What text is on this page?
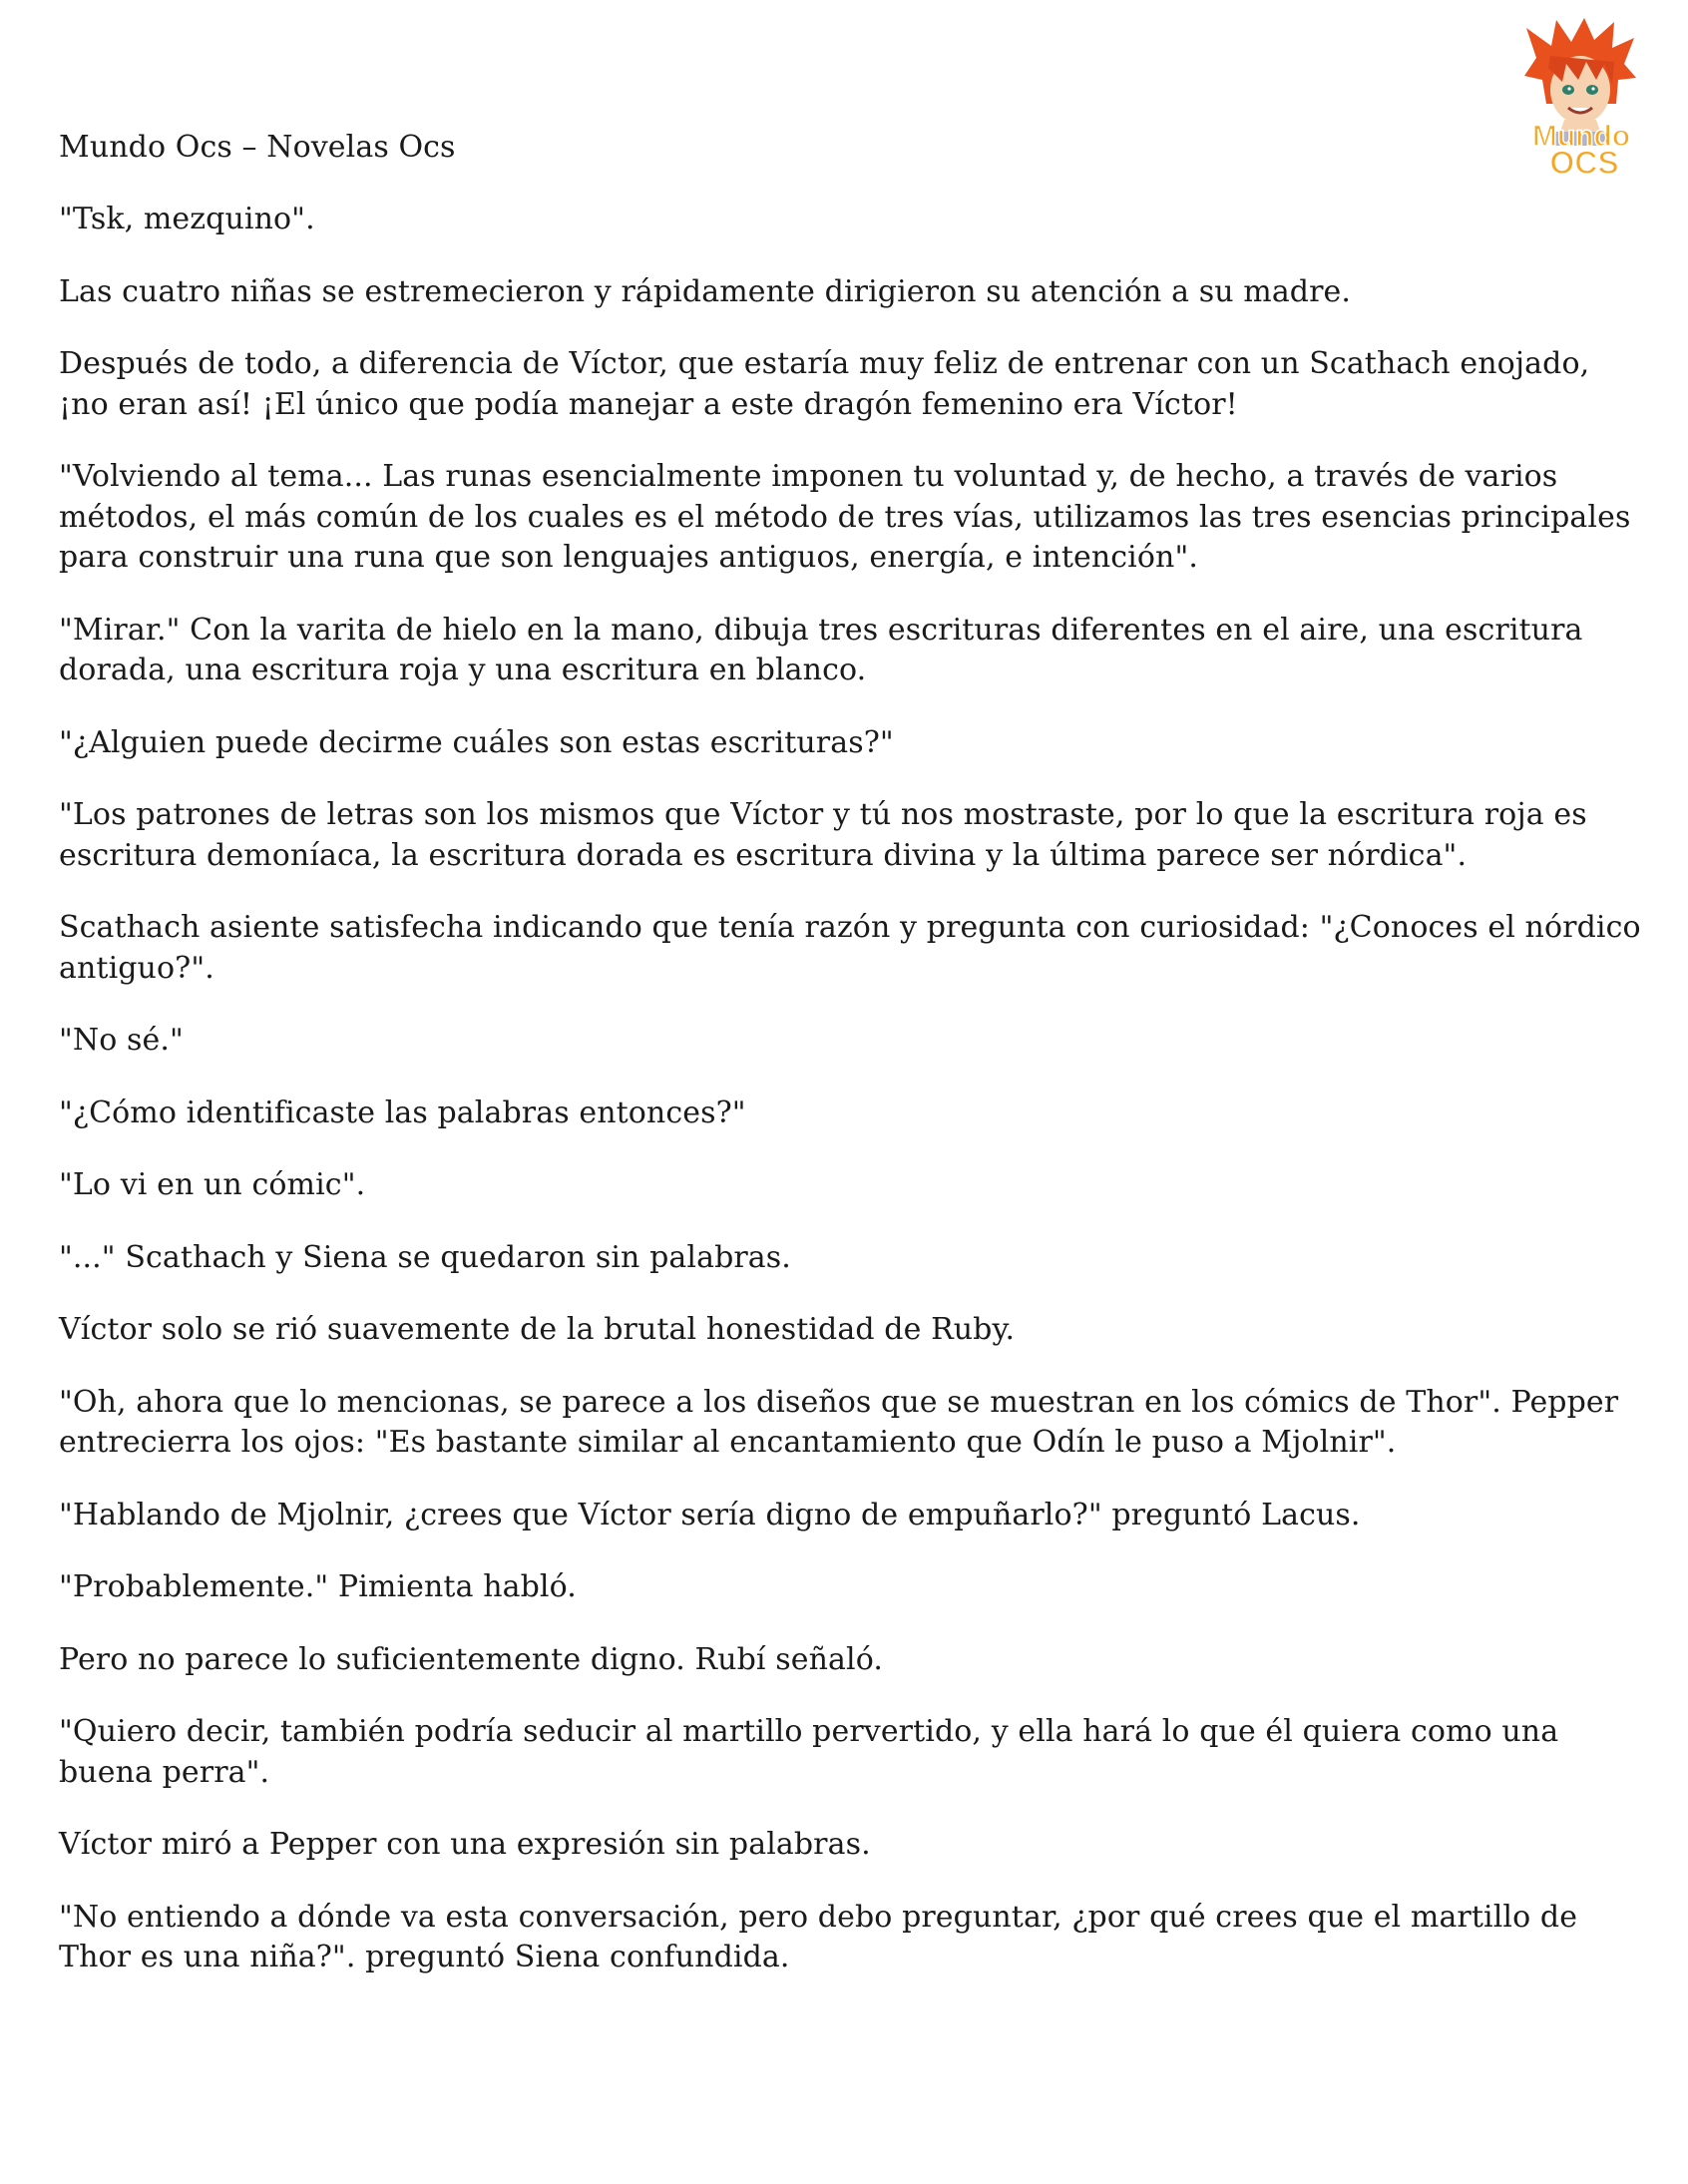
Mundo
OCS
Mundo Ocs – Novelas Ocs

"Tsk, mezquino".

Las cuatro niñas se estremecieron y rápidamente dirigieron su atención a su madre.

Después de todo, a diferencia de Víctor, que estaría muy feliz de entrenar con un Scathach enojado, ¡no eran así! ¡El único que podía manejar a este dragón femenino era Víctor!

"Volviendo al tema... Las runas esencialmente imponen tu voluntad y, de hecho, a través de varios métodos, el más común de los cuales es el método de tres vías, utilizamos las tres esencias principales para construir una runa que son lenguajes antiguos, energía, e intención".

"Mirar." Con la varita de hielo en la mano, dibuja tres escrituras diferentes en el aire, una escritura dorada, una escritura roja y una escritura en blanco.

"¿Alguien puede decirme cuáles son estas escrituras?"

"Los patrones de letras son los mismos que Víctor y tú nos mostraste, por lo que la escritura roja es escritura demoníaca, la escritura dorada es escritura divina y la última parece ser nórdica".

Scathach asiente satisfecha indicando que tenía razón y pregunta con curiosidad: "¿Conoces el nórdico antiguo?".

"No sé."

"¿Cómo identificaste las palabras entonces?"

"Lo vi en un cómic".

"..." Scathach y Siena se quedaron sin palabras.

Víctor solo se rió suavemente de la brutal honestidad de Ruby.

"Oh, ahora que lo mencionas, se parece a los diseños que se muestran en los cómics de Thor". Pepper entrecierra los ojos: "Es bastante similar al encantamiento que Odín le puso a Mjolnir".

"Hablando de Mjolnir, ¿crees que Víctor sería digno de empuñarlo?" preguntó Lacus.

"Probablemente." Pimienta habló.

Pero no parece lo suficientemente digno. Rubí señaló.

"Quiero decir, también podría seducir al martillo pervertido, y ella hará lo que él quiera como una buena perra".

Víctor miró a Pepper con una expresión sin palabras.

"No entiendo a dónde va esta conversación, pero debo preguntar, ¿por qué crees que el martillo de Thor es una niña?". preguntó Siena confundida.
